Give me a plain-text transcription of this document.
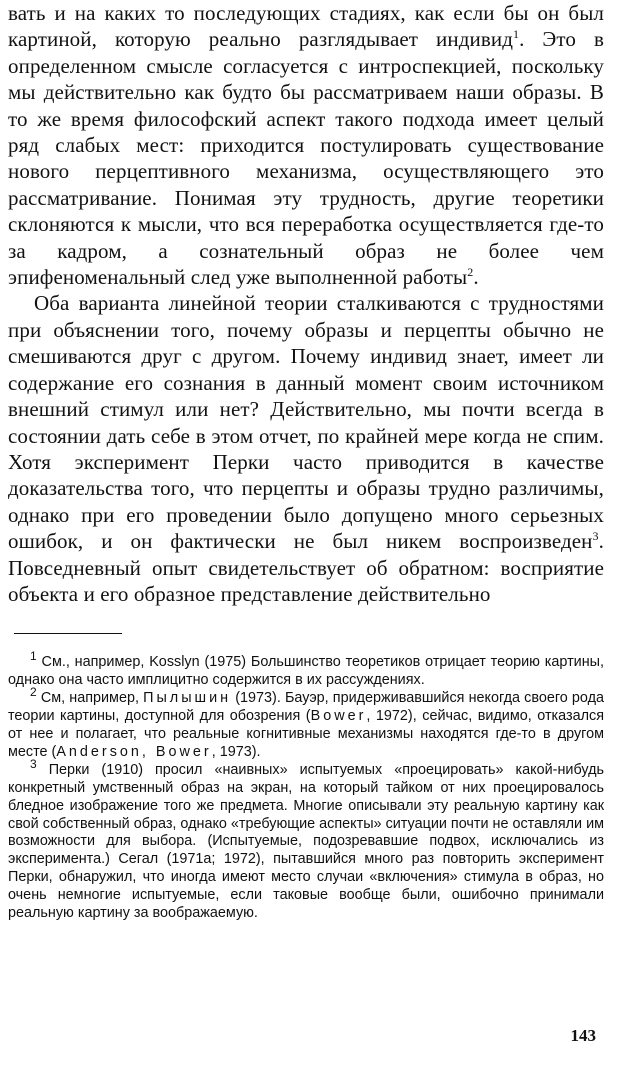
вать и на каких то последующих стадиях, как если бы он был картиной, которую реально разглядывает индивид$^1$. Это в определенном смысле согласуется с интроспекцией, поскольку мы действительно как будто бы рассматриваем наши образы. В то же время философский аспект такого подхода имеет целый ряд слабых мест: приходится постулировать существование нового перцептивного механизма, осуществляющего это рассматривание. Понимая эту трудность, другие теоретики склоняются к мысли, что вся переработка осуществляется где-то за кадром, а сознательный образ не более чем эпифеноменальный след уже выполненной работы$^2$.

Оба варианта линейной теории сталкиваются с трудностями при объяснении того, почему образы и перцепты обычно не смешиваются друг с другом. Почему индивид знает, имеет ли содержание его сознания в данный момент своим источником внешний стимул или нет? Действительно, мы почти всегда в состоянии дать себе в этом отчет, по крайней мере когда не спим. Хотя эксперимент Перки часто приводится в качестве доказательства того, что перцепты и образы трудно различимы, однако при его проведении было допущено много серьезных ошибок, и он фактически не был никем воспроизведен$^3$. Повседневный опыт свидетельствует об обратном: восприятие объекта и его образное представление действительно

$^1$ См., например, Kosslyn (1975) Большинство теоретиков отрицает теорию картины, однако она часто имплицитно содержится в их рассуждениях.

$^2$ См, например, Пылышин (1973). Бауэр, придерживавшийся некогда своего рода теории картины, доступной для обозрения (Bower, 1972), сейчас, видимо, отказался от нее и полагает, что реальные когнитивные механизмы находятся где-то в другом месте (Anderson, Bower, 1973).

$^3$ Перки (1910) просил «наивных» испытуемых «проецировать» какой-нибудь конкретный умственный образ на экран, на который тайком от них проецировалось бледное изображение того же предмета. Многие описывали эту реальную картину как свой собственный образ, однако «требующие аспекты» ситуации почти не оставляли им возможности для выбора. (Испытуемые, подозревавшие подвох, исключались из эксперимента.) Сегал (1971a; 1972), пытавшийся много раз повторить эксперимент Перки, обнаружил, что иногда имеют место случаи «включения» стимула в образ, но очень немногие испытуемые, если таковые вообще были, ошибочно принимали реальную картину за воображаемую.

143
